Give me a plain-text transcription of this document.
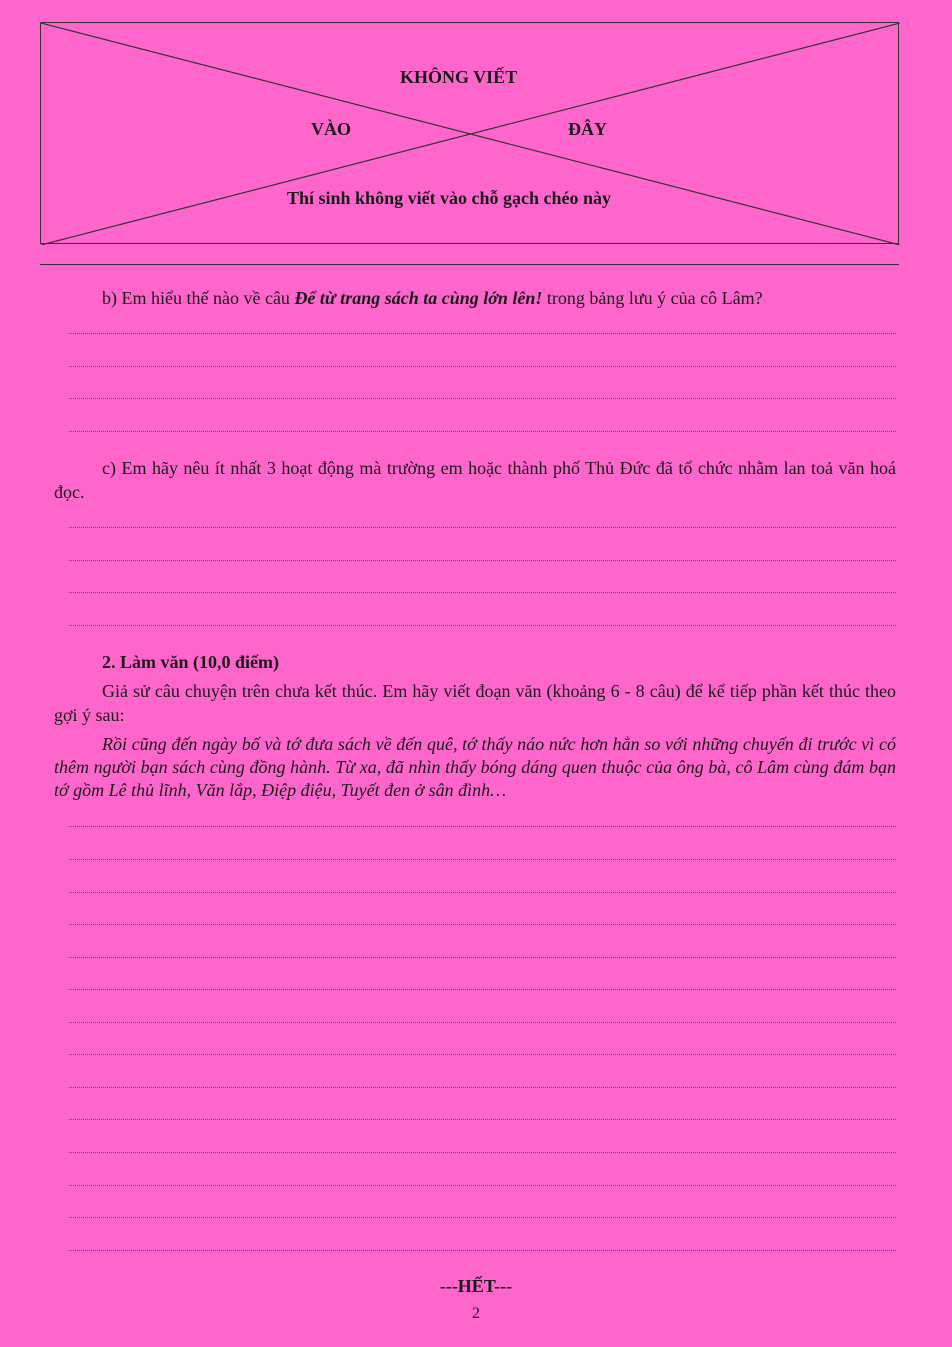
KHÔNG VIẾT
VÀO	ĐÂY
Thí sinh không viết vào chỗ gạch chéo này
b) Em hiểu thế nào về câu Để từ trang sách ta cùng lớn lên! trong bảng lưu ý của cô Lâm?
c) Em hãy nêu ít nhất 3 hoạt động mà trường em hoặc thành phố Thủ Đức đã tổ chức nhằm lan toả văn hoá đọc.
2. Làm văn (10,0 điểm)
Giả sử câu chuyện trên chưa kết thúc. Em hãy viết đoạn văn (khoảng 6 - 8 câu) để kể tiếp phần kết thúc theo gợi ý sau:
Rồi cũng đến ngày bố và tớ đưa sách về đến quê, tớ thấy náo nức hơn hẳn so với những chuyến đi trước vì có thêm người bạn sách cùng đồng hành. Từ xa, đã nhìn thấy bóng dáng quen thuộc của ông bà, cô Lâm cùng đám bạn tớ gồm Lê thủ lĩnh, Văn lắp, Điệp điệu, Tuyết đen ở sân đình…
---HẾT---
2
